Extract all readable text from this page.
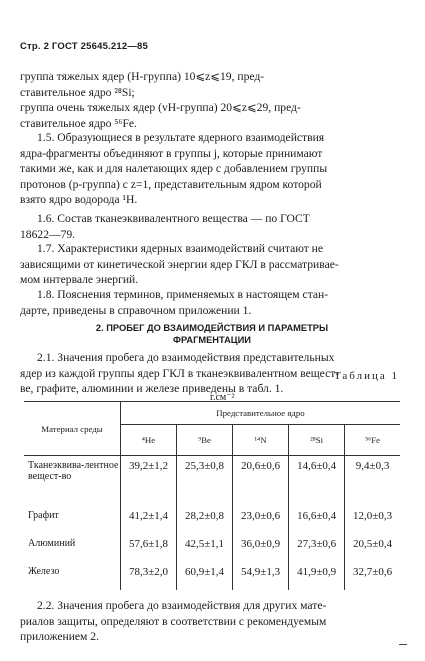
Стр. 2 ГОСТ 25645.212—85
группа тяжелых ядер (H-группа) 10⩽z⩽19, пред-
ставительное ядро ²⁸Si;
группа очень тяжелых ядер (vH-группа) 20⩽z⩽29, пред-
ставительное ядро ⁵⁶Fe.
1.5. Образующиеся в результате ядерного взаимодействия
ядра-фрагменты объединяют в группы j, которые принимают
такими же, как и для налетающих ядер с добавлением группы
протонов (p-группа) с z=1, представительным ядром которой
взято ядро водорода ¹H.
1.6. Состав тканеэквивалентного вещества — по ГОСТ
18622—79.
1.7. Характеристики ядерных взаимодействий считают не
зависящими от кинетической энергии ядер ГКЛ в рассматривае-
мом интервале энергий.
1.8. Пояснения терминов, применяемых в настоящем стан-
дарте, приведены в справочном приложении 1.
2. ПРОБЕГ ДО ВЗАИМОДЕЙСТВИЯ И ПАРАМЕТРЫ
ФРАГМЕНТАЦИИ
2.1. Значения пробега до взаимодействия представительных
ядер из каждой группы ядер ГКЛ в тканеэквивалентном вещест-
ве, графите, алюминии и железе приведены в табл. 1.
Таблица 1
г.см⁻²
Материал среды	Представительное ядро				
	⁴He	⁹Be	¹⁴N	²⁸Si	⁵⁶Fe
Тканеэквива-лентное вещест-во	39,2±1,2	25,3±0,8	20,6±0,6	14,6±0,4	9,4±0,3
Графит	41,2±1,4	28,2±0,8	23,0±0,6	16,6±0,4	12,0±0,3
Алюминий	57,6±1,8	42,5±1,1	36,0±0,9	27,3±0,6	20,5±0,4
Железо	78,3±2,0	60,9±1,4	54,9±1,3	41,9±0,9	32,7±0,6
2.2. Значения пробега до взаимодействия для других мате-
риалов защиты, определяют в соответствии с рекомендуемым
приложением 2.
